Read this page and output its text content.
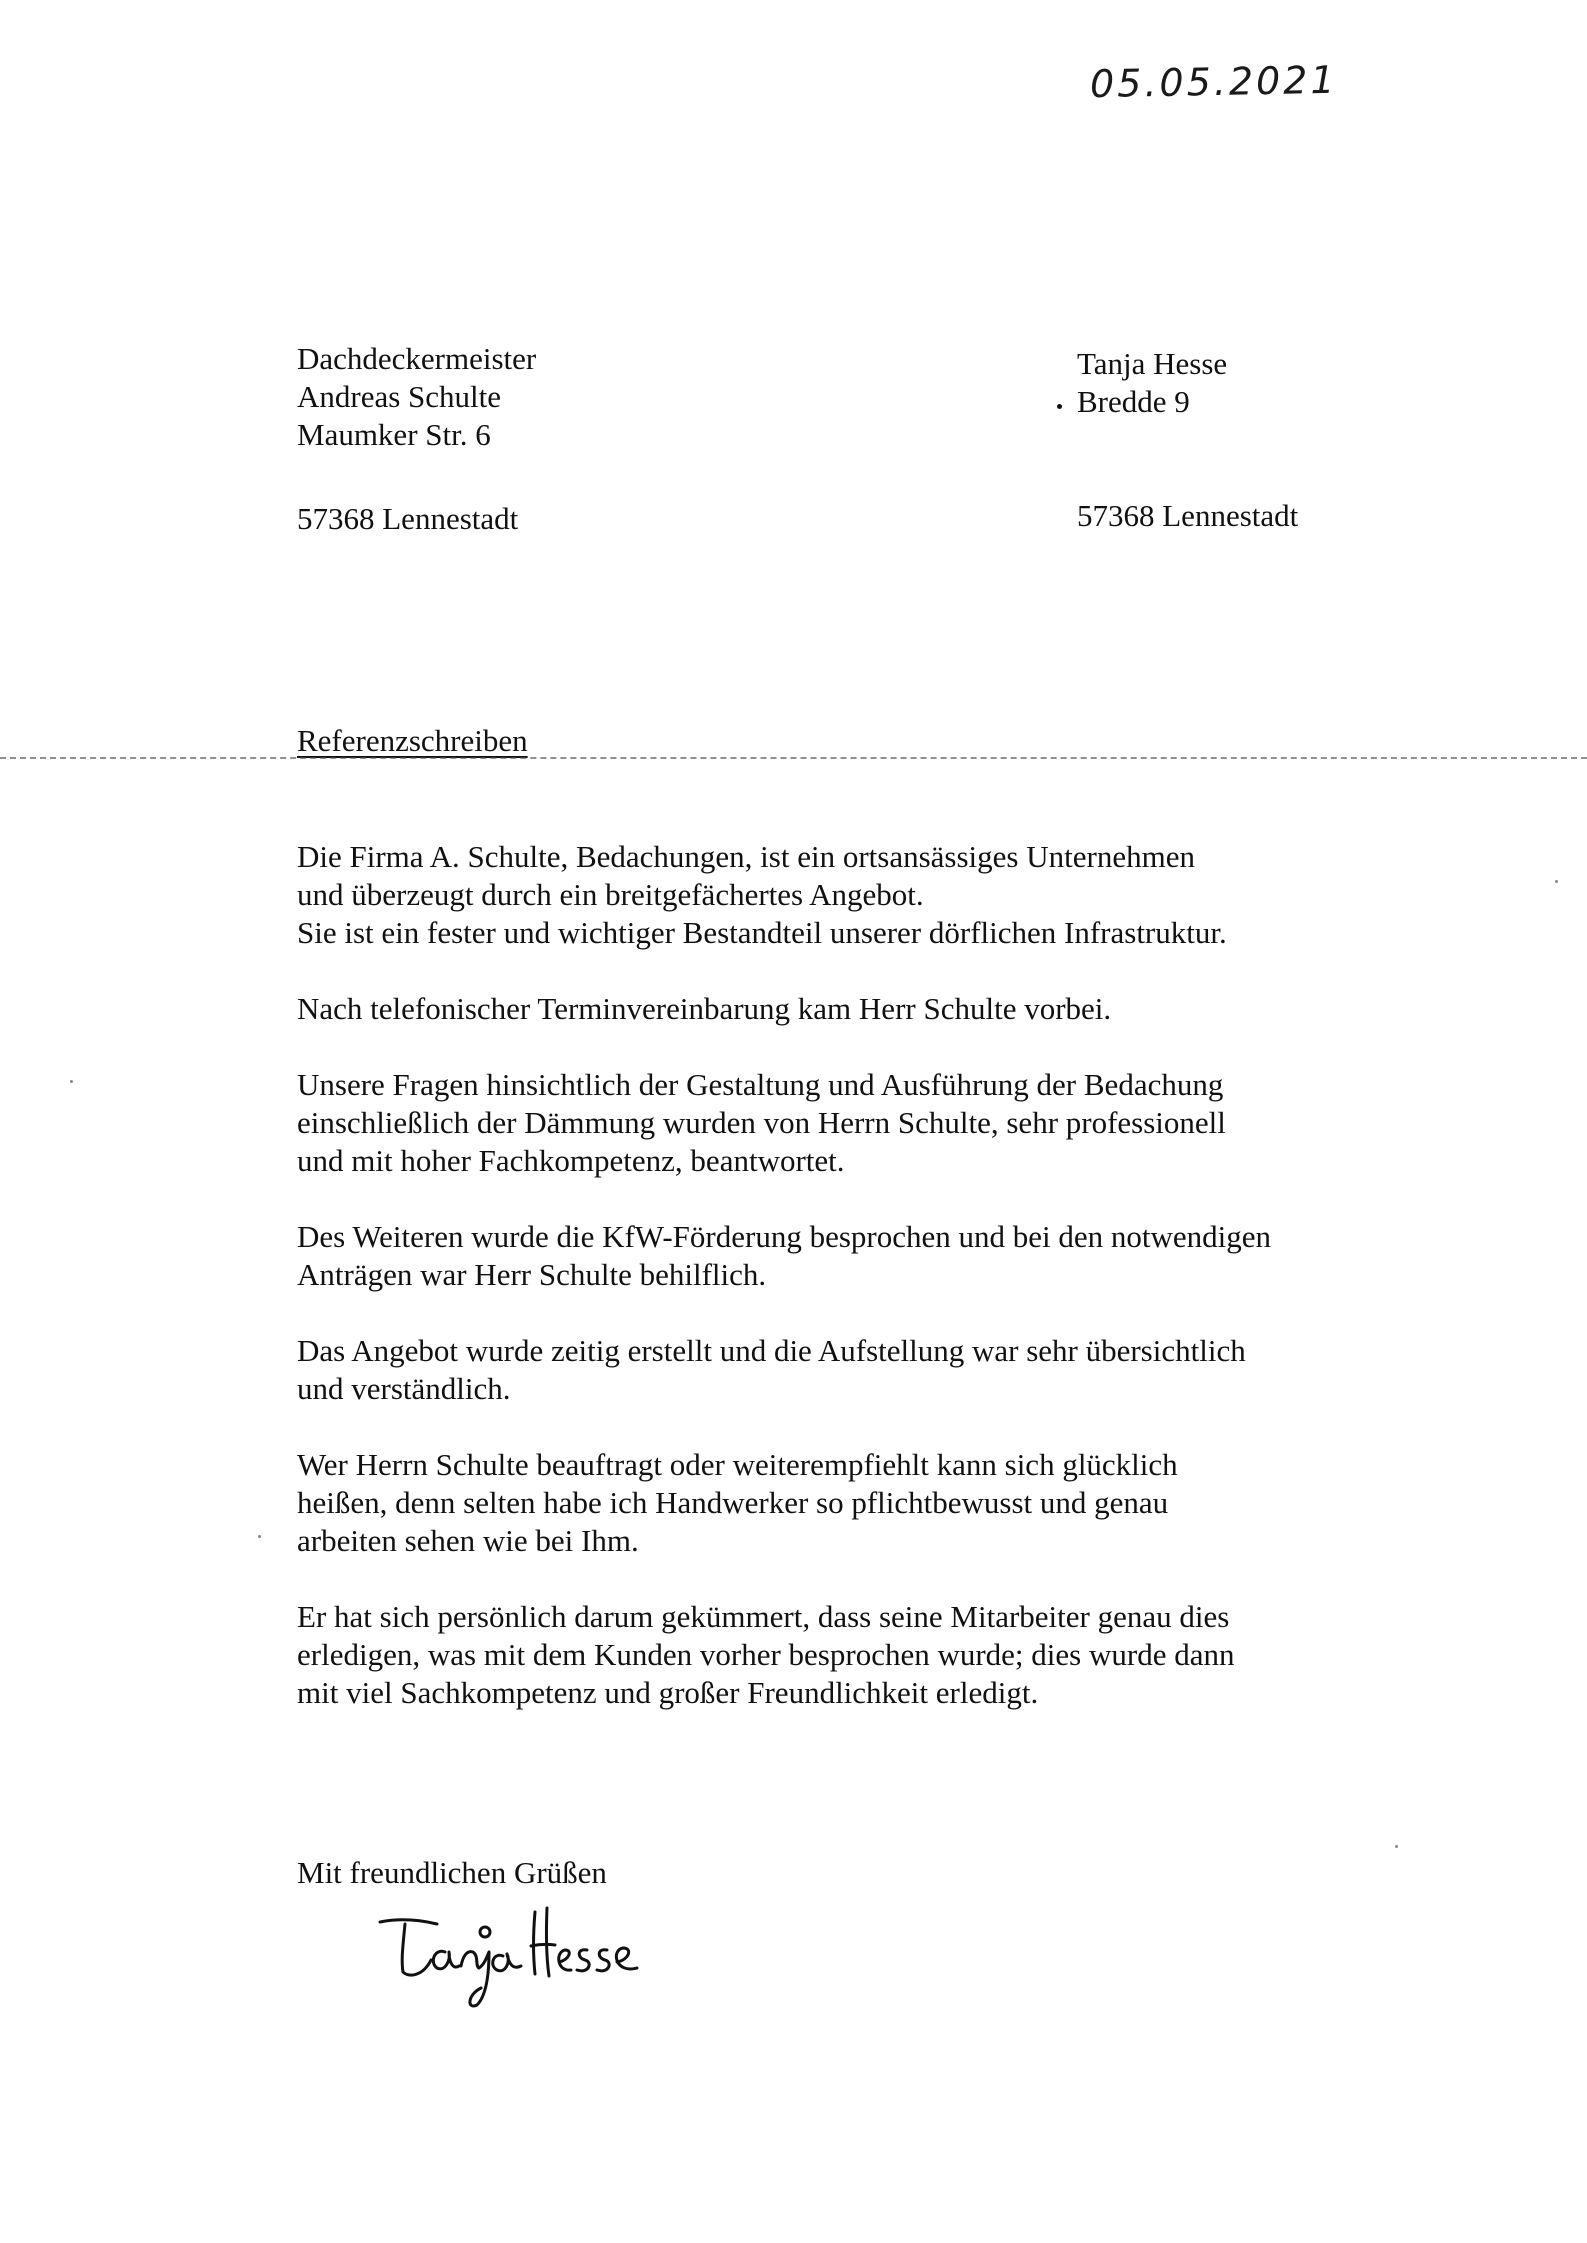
05.05.2021
Dachdeckermeister
Andreas Schulte
Maumker Str. 6
57368 Lennestadt
Tanja Hesse
Bredde 9
57368 Lennestadt
Referenzschreiben

Die Firma A. Schulte, Bedachungen, ist ein ortsansässiges Unternehmen
und überzeugt durch ein breitgefächertes Angebot.
Sie ist ein fester und wichtiger Bestandteil unserer dörflichen Infrastruktur.

Nach telefonischer Terminvereinbarung kam Herr Schulte vorbei.

Unsere Fragen hinsichtlich der Gestaltung und Ausführung der Bedachung
einschließlich der Dämmung wurden von Herrn Schulte, sehr professionell
und mit hoher Fachkompetenz, beantwortet.

Des Weiteren wurde die KfW-Förderung besprochen und bei den notwendigen
Anträgen war Herr Schulte behilflich.

Das Angebot wurde zeitig erstellt und die Aufstellung war sehr übersichtlich
und verständlich.

Wer Herrn Schulte beauftragt oder weiterempfiehlt kann sich glücklich
heißen, denn selten habe ich Handwerker so pflichtbewusst und genau
arbeiten sehen wie bei Ihm.

Er hat sich persönlich darum gekümmert, dass seine Mitarbeiter genau dies
erledigen, was mit dem Kunden vorher besprochen wurde; dies wurde dann
mit viel Sachkompetenz und großer Freundlichkeit erledigt.

Mit freundlichen Grüßen
